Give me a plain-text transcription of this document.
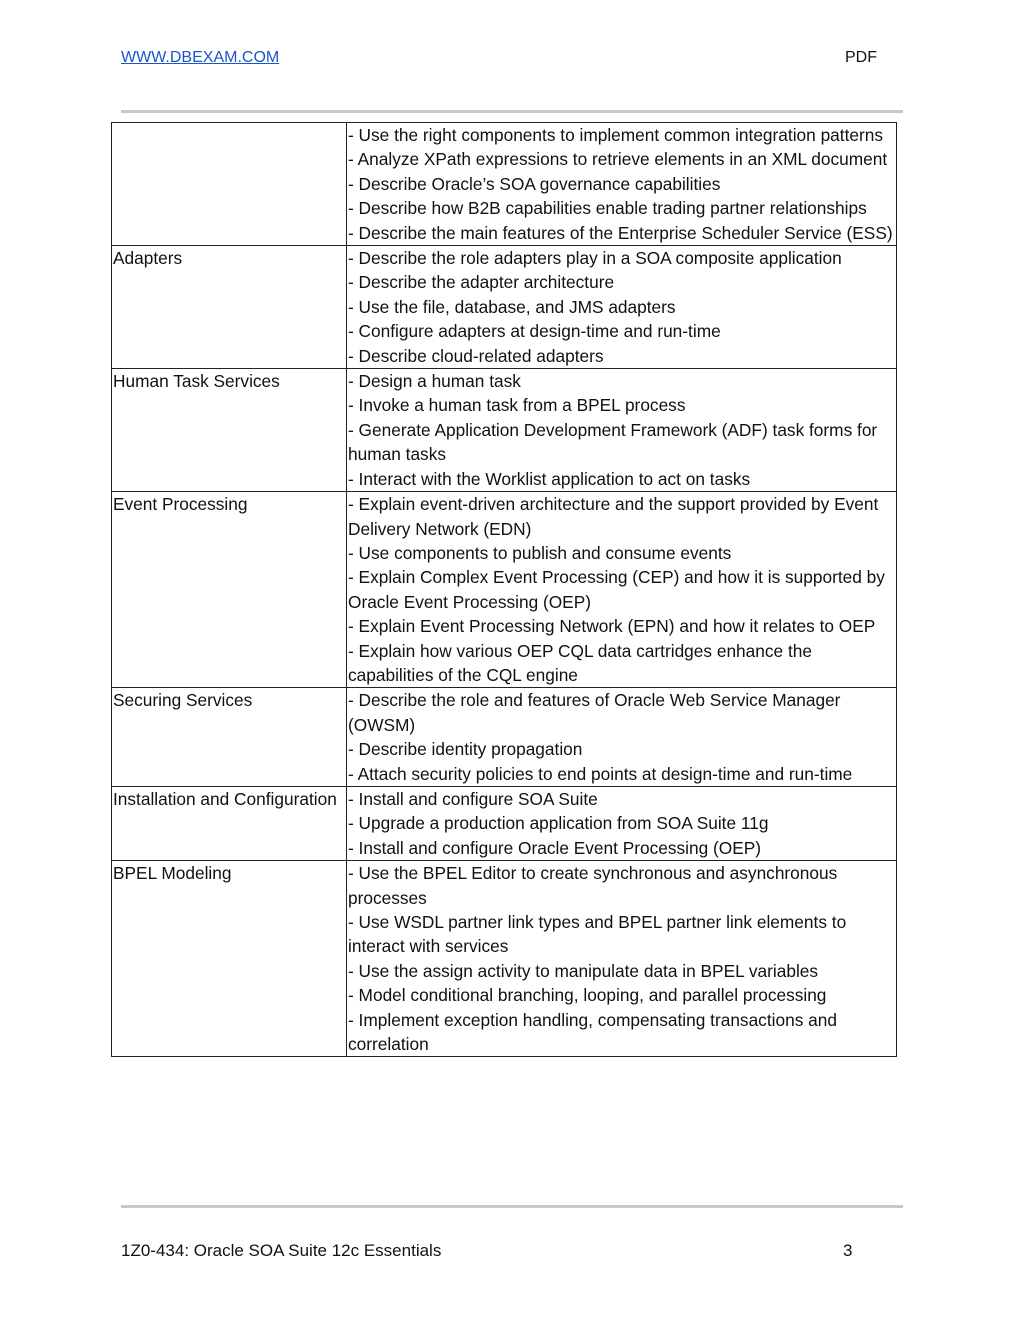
WWW.DBEXAM.COM	PDF

	- Use the right components to implement common integration patterns
- Analyze XPath expressions to retrieve elements in an XML document
- Describe Oracle’s SOA governance capabilities
- Describe how B2B capabilities enable trading partner relationships
- Describe the main features of the Enterprise Scheduler Service (ESS)

Adapters	- Describe the role adapters play in a SOA composite application
- Describe the adapter architecture
- Use the file, database, and JMS adapters
- Configure adapters at design-time and run-time
- Describe cloud-related adapters

Human Task Services	- Design a human task
- Invoke a human task from a BPEL process
- Generate Application Development Framework (ADF) task forms for human tasks
- Interact with the Worklist application to act on tasks

Event Processing	- Explain event-driven architecture and the support provided by Event Delivery Network (EDN)
- Use components to publish and consume events
- Explain Complex Event Processing (CEP) and how it is supported by Oracle Event Processing (OEP)
- Explain Event Processing Network (EPN) and how it relates to OEP
- Explain how various OEP CQL data cartridges enhance the capabilities of the CQL engine

Securing Services	- Describe the role and features of Oracle Web Service Manager (OWSM)
- Describe identity propagation
- Attach security policies to end points at design-time and run-time

Installation and Configuration	- Install and configure SOA Suite
- Upgrade a production application from SOA Suite 11g
- Install and configure Oracle Event Processing (OEP)

BPEL Modeling	- Use the BPEL Editor to create synchronous and asynchronous processes
- Use WSDL partner link types and BPEL partner link elements to interact with services
- Use the assign activity to manipulate data in BPEL variables
- Model conditional branching, looping, and parallel processing
- Implement exception handling, compensating transactions and correlation
1Z0-434: Oracle SOA Suite 12c Essentials	3
